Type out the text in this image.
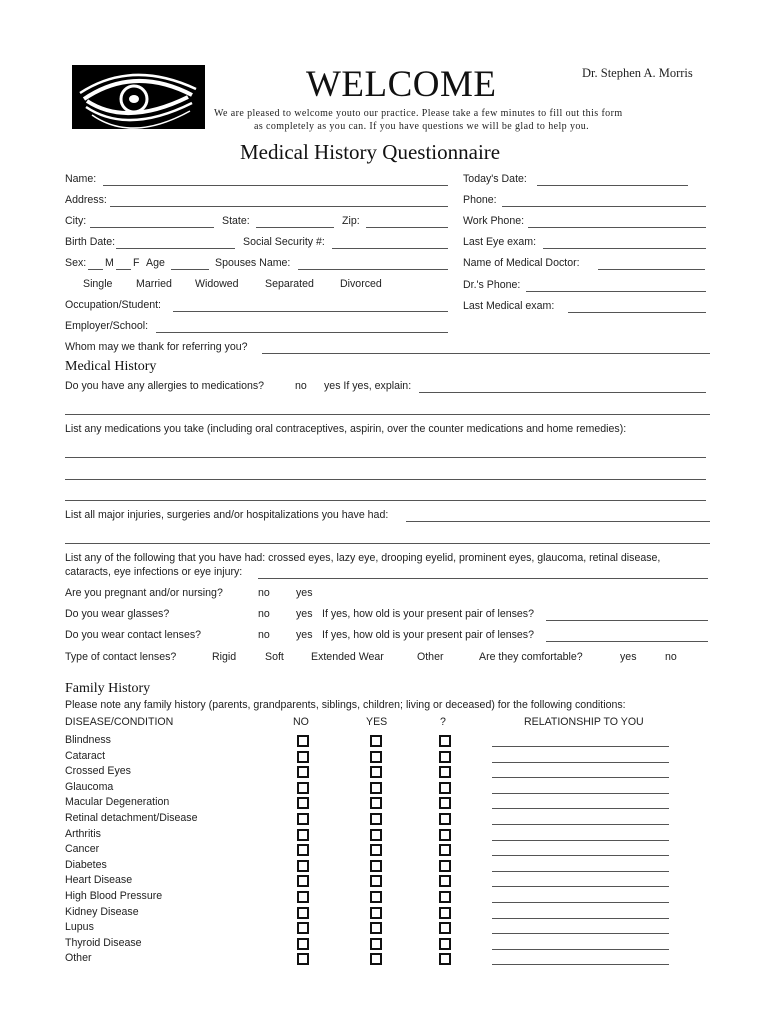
WELCOME	Dr. Stephen A. Morris
We are pleased to welcome youto our practice. Please take a few minutes to fill out this form
as completely as you can. If you have questions we will be glad to help you.
Medical History Questionnaire
Name:	Today's Date:
Address:	Phone:
City:	State:	Zip:	Work Phone:
Birth Date:	Social Security #:	Last Eye exam:
Sex: M F Age	Spouses Name:	Name of Medical Doctor:
Single Married Widowed Separated Divorced	Dr.'s Phone:
Occupation/Student:	Last Medical exam:
Employer/School:
Whom may we thank for referring you?
Medical History
Do you have any allergies to medications?	no yes If yes, explain:
List any medications you take (including oral contraceptives, aspirin, over the counter medications and home remedies):
List all major injuries, surgeries and/or hospitalizations you have had:
List any of the following that you have had: crossed eyes, lazy eye, drooping eyelid, prominent eyes, glaucoma, retinal disease,
cataracts, eye infections or eye injury:
Are you pregnant and/or nursing?	no yes
Do you wear glasses?	no yes If yes, how old is your present pair of lenses?
Do you wear contact lenses?	no yes If yes, how old is your present pair of lenses?
Type of contact lenses?	Rigid	Soft	Extended Wear	Other	Are they comfortable?	yes	no
Family History
Please note any family history (parents, grandparents, siblings, children; living or deceased) for the following conditions:
DISEASE/CONDITION	NO	YES	?	RELATIONSHIP TO YOU
Blindness
Cataract
Crossed Eyes
Glaucoma
Macular Degeneration
Retinal detachment/Disease
Arthritis
Cancer
Diabetes
Heart Disease
High Blood Pressure
Kidney Disease
Lupus
Thyroid Disease
Other
